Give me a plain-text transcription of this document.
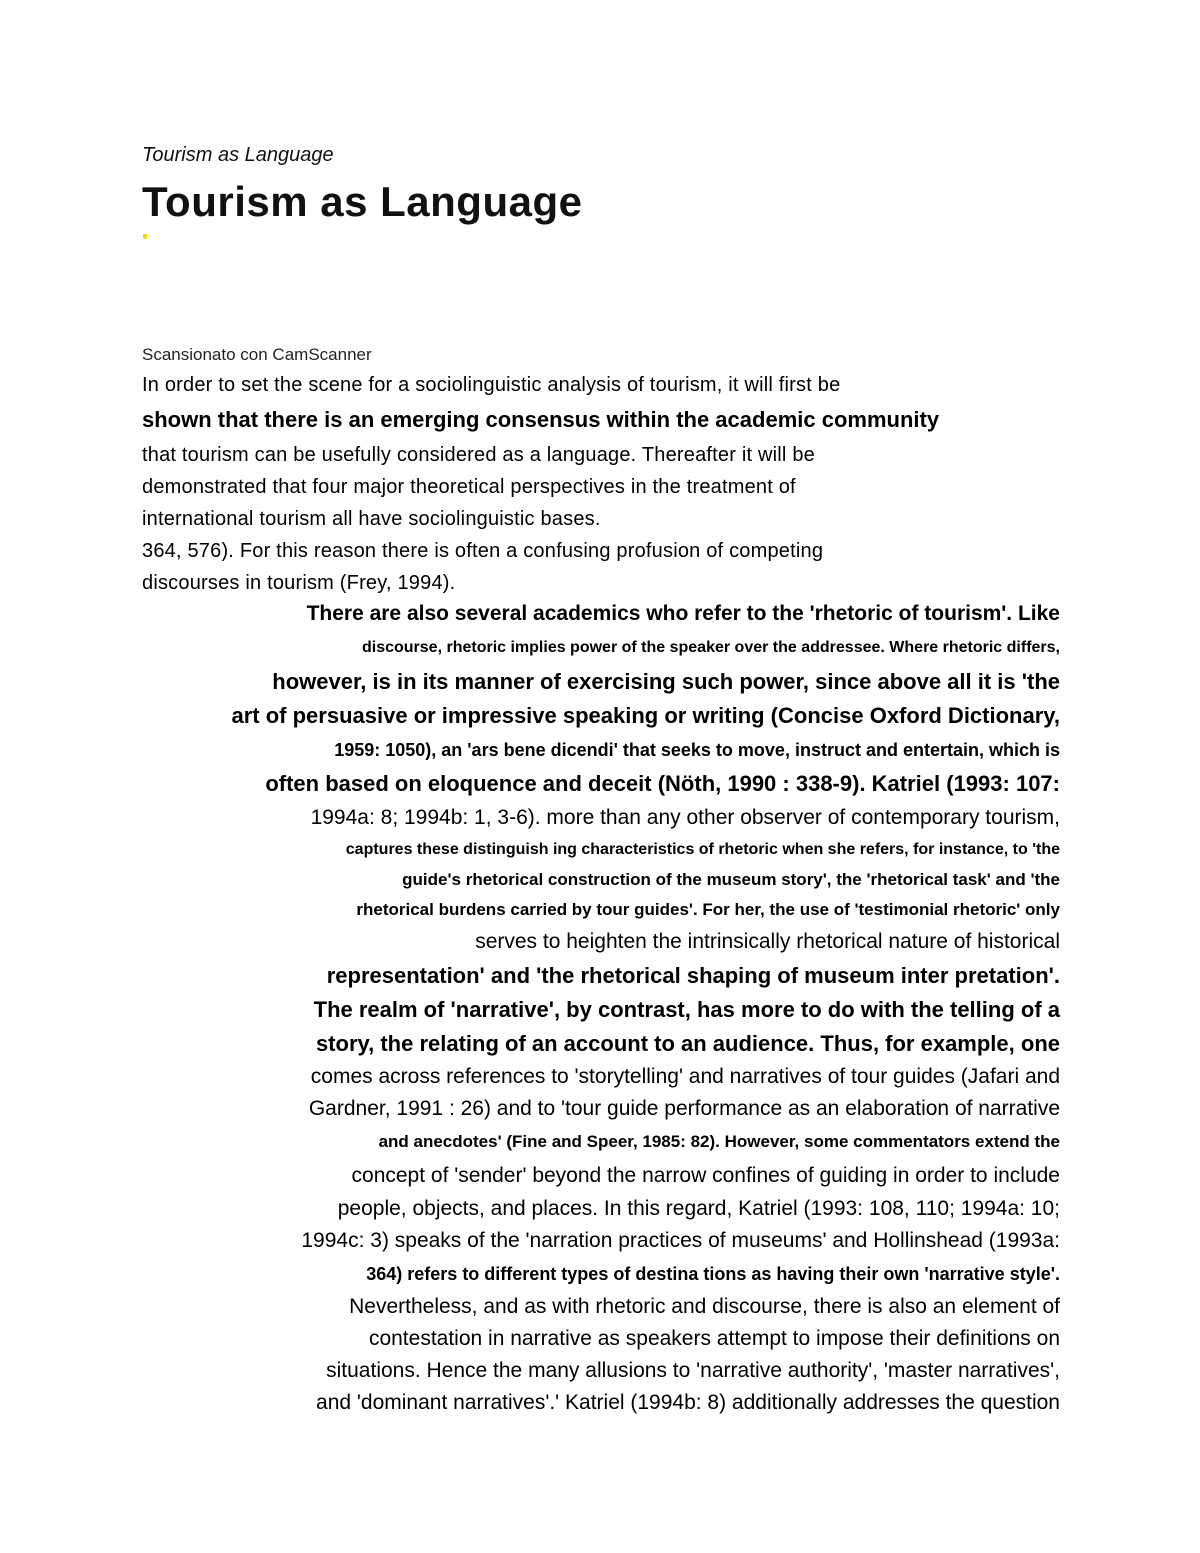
Tourism as Language
Tourism as Language
Scansionato con CamScanner
In order to set the scene for a sociolinguistic analysis of tourism, it will first be
shown that there is an emerging consensus within the academic community
that tourism can be usefully considered as a language. Thereafter it will be
demonstrated that four major theoretical perspectives in the treatment of
international tourism all have sociolinguistic bases.
364, 576). For this reason there is often a confusing profusion of competing
discourses in tourism (Frey, 1994).
There are also several academics who refer to the 'rhetoric of tourism'. Like
discourse, rhetoric implies power of the speaker over the addressee. Where rhetoric differs,
however, is in its manner of exercising such power, since above all it is 'the
art of persuasive or impressive speaking or writing (Concise Oxford Dictionary,
1959: 1050), an 'ars bene dicendi' that seeks to move, instruct and entertain, which is
often based on eloquence and deceit (Nöth, 1990 : 338-9). Katriel (1993: 107:
1994a: 8; 1994b: 1, 3-6). more than any other observer of contemporary tourism,
captures these distinguish ing characteristics of rhetoric when she refers, for instance, to 'the
guide's rhetorical construction of the museum story', the 'rhetorical task' and 'the
rhetorical burdens carried by tour guides'. For her, the use of 'testimonial rhetoric' only
serves to heighten the intrinsically rhetorical nature of historical
representation' and 'the rhetorical shaping of museum inter pretation'.
The realm of 'narrative', by contrast, has more to do with the telling of a
story, the relating of an account to an audience. Thus, for example, one
comes across references to 'storytelling' and narratives of tour guides (Jafari and
Gardner, 1991 : 26) and to 'tour guide performance as an elaboration of narrative
and anecdotes' (Fine and Speer, 1985: 82). However, some commentators extend the
concept of 'sender' beyond the narrow confines of guiding in order to include
people, objects, and places. In this regard, Katriel (1993: 108, 110; 1994a: 10;
1994c: 3) speaks of the 'narration practices of museums' and Hollinshead (1993a:
364) refers to different types of destina tions as having their own 'narrative style'.
Nevertheless, and as with rhetoric and discourse, there is also an element of
contestation in narrative as speakers attempt to impose their definitions on
situations. Hence the many allusions to 'narrative authority', 'master narratives',
and 'dominant narratives'.' Katriel (1994b: 8) additionally addresses the question
